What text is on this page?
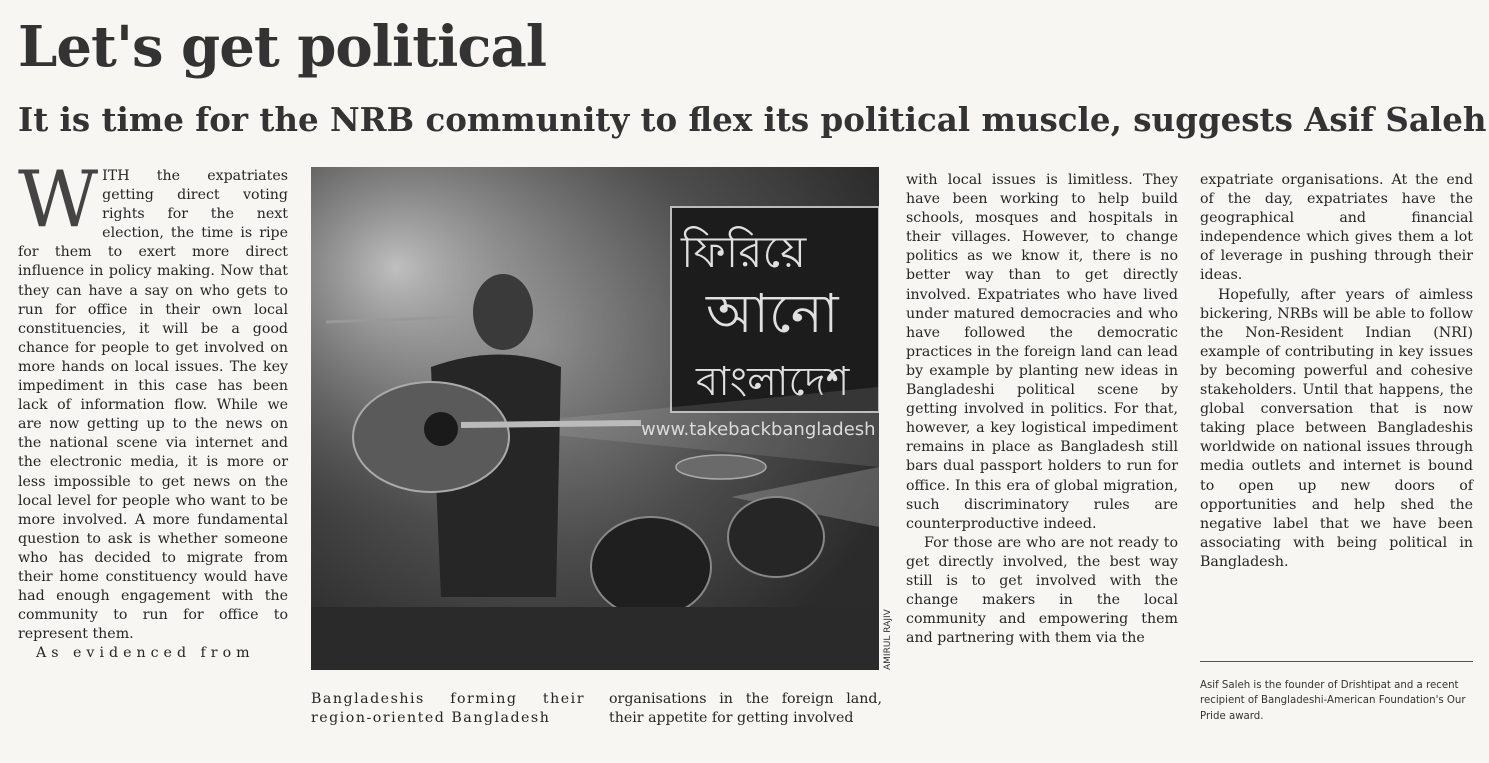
Let's get political
It is time for the NRB community to flex its political muscle, suggests Asif Saleh

WITH the expatriates getting direct voting rights for the next election, the time is ripe for them to exert more direct influence in policy making. Now that they can have a say on who gets to run for office in their own local constituencies, it will be a good chance for people to get involved on more hands on local issues. The key impediment in this case has been lack of information flow. While we are now getting up to the news on the national scene via internet and the electronic media, it is more or less impossible to get news on the local level for people who want to be more involved. A more fundamental question to ask is whether someone who has decided to migrate from their home constituency would have had enough engagement with the community to run for office to represent them.

As evidenced from

ফিরিয়ে
আনো
বাংলাদেশ
www.takebackbangladesh
AMIRUL RAJIV

Bangladeshis forming their region-oriented Bangladesh

organisations in the foreign land, their appetite for getting involved

with local issues is limitless. They have been working to help build schools, mosques and hospitals in their villages. However, to change politics as we know it, there is no better way than to get directly involved. Expatriates who have lived under matured democracies and who have followed the democratic practices in the foreign land can lead by example by planting new ideas in Bangladeshi political scene by getting involved in politics. For that, however, a key logistical impediment remains in place as Bangladesh still bars dual passport holders to run for office. In this era of global migration, such discriminatory rules are counterproductive indeed.

For those are who are not ready to get directly involved, the best way still is to get involved with the change makers in the local community and empowering them and partnering with them via the

expatriate organisations. At the end of the day, expatriates have the geographical and financial independence which gives them a lot of leverage in pushing through their ideas.

Hopefully, after years of aimless bickering, NRBs will be able to follow the Non-Resident Indian (NRI) example of contributing in key issues by becoming powerful and cohesive stakeholders. Until that happens, the global conversation that is now taking place between Bangladeshis worldwide on national issues through media outlets and internet is bound to open up new doors of opportunities and help shed the negative label that we have been associating with being political in Bangladesh.

Asif Saleh is the founder of Drishtipat and a recent recipient of Bangladeshi-American Foundation's Our Pride award.
